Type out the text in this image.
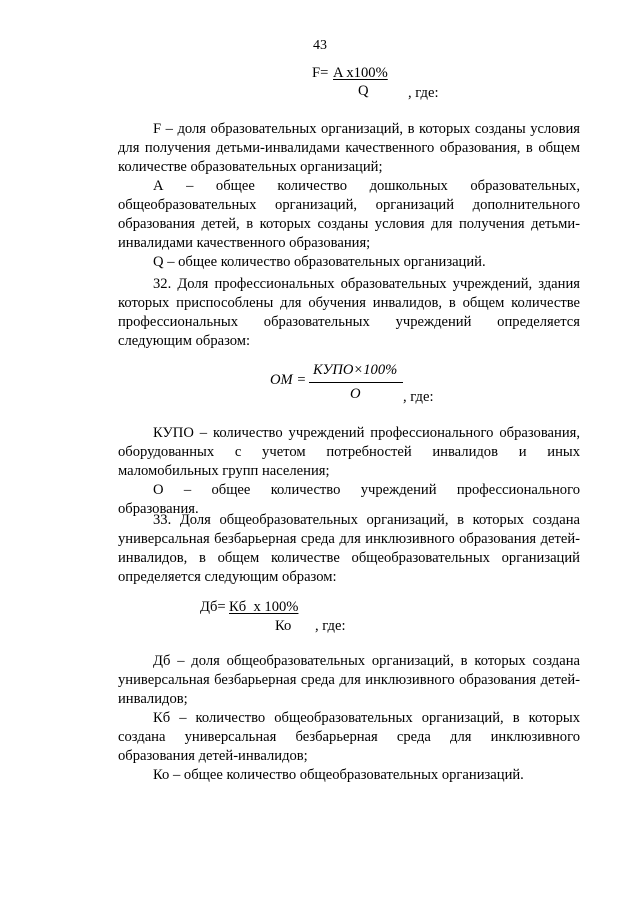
43
F= A x100%
Q	, где:

F – доля образовательных организаций, в которых созданы условия для получения детьми-инвалидами качественного образования, в общем количестве образовательных организаций;

А – общее количество дошкольных образовательных, общеобразовательных организаций, организаций дополнительного образования детей, в которых созданы условия для получения детьми-инвалидами качественного образования;

Q – общее количество образовательных организаций.

32. Доля профессиональных образовательных учреждений, здания которых приспособлены для обучения инвалидов, в общем количестве профессиональных образовательных учреждений определяется следующим образом:

ОМ =
КУПО×100%
О	, где:

КУПО – количество учреждений профессионального образования, оборудованных с учетом потребностей инвалидов и иных маломобильных групп населения;

О – общее количество учреждений профессионального образования.

33. Доля общеобразовательных организаций, в которых создана универсальная безбарьерная среда для инклюзивного образования детей-инвалидов, в общем количестве общеобразовательных организаций определяется следующим образом:

Дб= Кб  х 100%
Ко , где:

Дб – доля общеобразовательных организаций, в которых создана универсальная безбарьерная среда для инклюзивного образования детей-инвалидов;

Кб – количество общеобразовательных организаций, в которых создана универсальная безбарьерная среда для инклюзивного образования детей-инвалидов;

Ко – общее количество общеобразовательных организаций.
